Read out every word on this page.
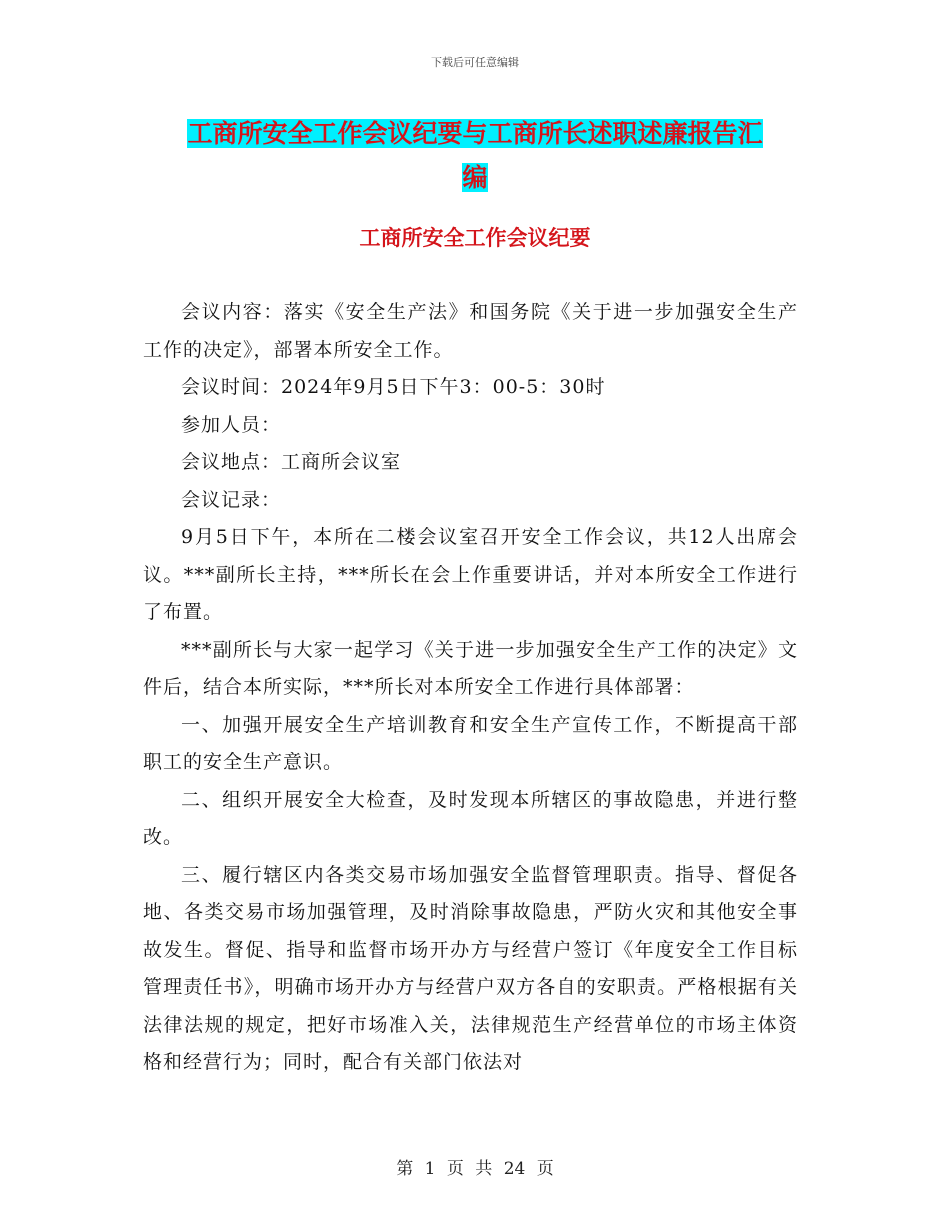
下载后可任意编辑
工商所安全工作会议纪要与工商所长述职述廉报告汇
编
工商所安全工作会议纪要

会议内容：落实《安全生产法》和国务院《关于进一步加强安全生产工作的决定》，部署本所安全工作。

会议时间：2024年9月5日下午3：00-5：30时

参加人员：

会议地点：工商所会议室

会议记录：

9月5日下午，本所在二楼会议室召开安全工作会议，共12人出席会议。***副所长主持，***所长在会上作重要讲话，并对本所安全工作进行了布置。

***副所长与大家一起学习《关于进一步加强安全生产工作的决定》文件后，结合本所实际，***所长对本所安全工作进行具体部署：

一、加强开展安全生产培训教育和安全生产宣传工作，不断提高干部职工的安全生产意识。

二、组织开展安全大检查，及时发现本所辖区的事故隐患，并进行整改。

三、履行辖区内各类交易市场加强安全监督管理职责。指导、督促各地、各类交易市场加强管理，及时消除事故隐患，严防火灾和其他安全事故发生。督促、指导和监督市场开办方与经营户签订《年度安全工作目标管理责任书》，明确市场开办方与经营户双方各自的安职责。严格根据有关法律法规的规定，把好市场准入关，法律规范生产经营单位的市场主体资格和经营行为；同时，配合有关部门依法对

第 1 页 共 24 页
